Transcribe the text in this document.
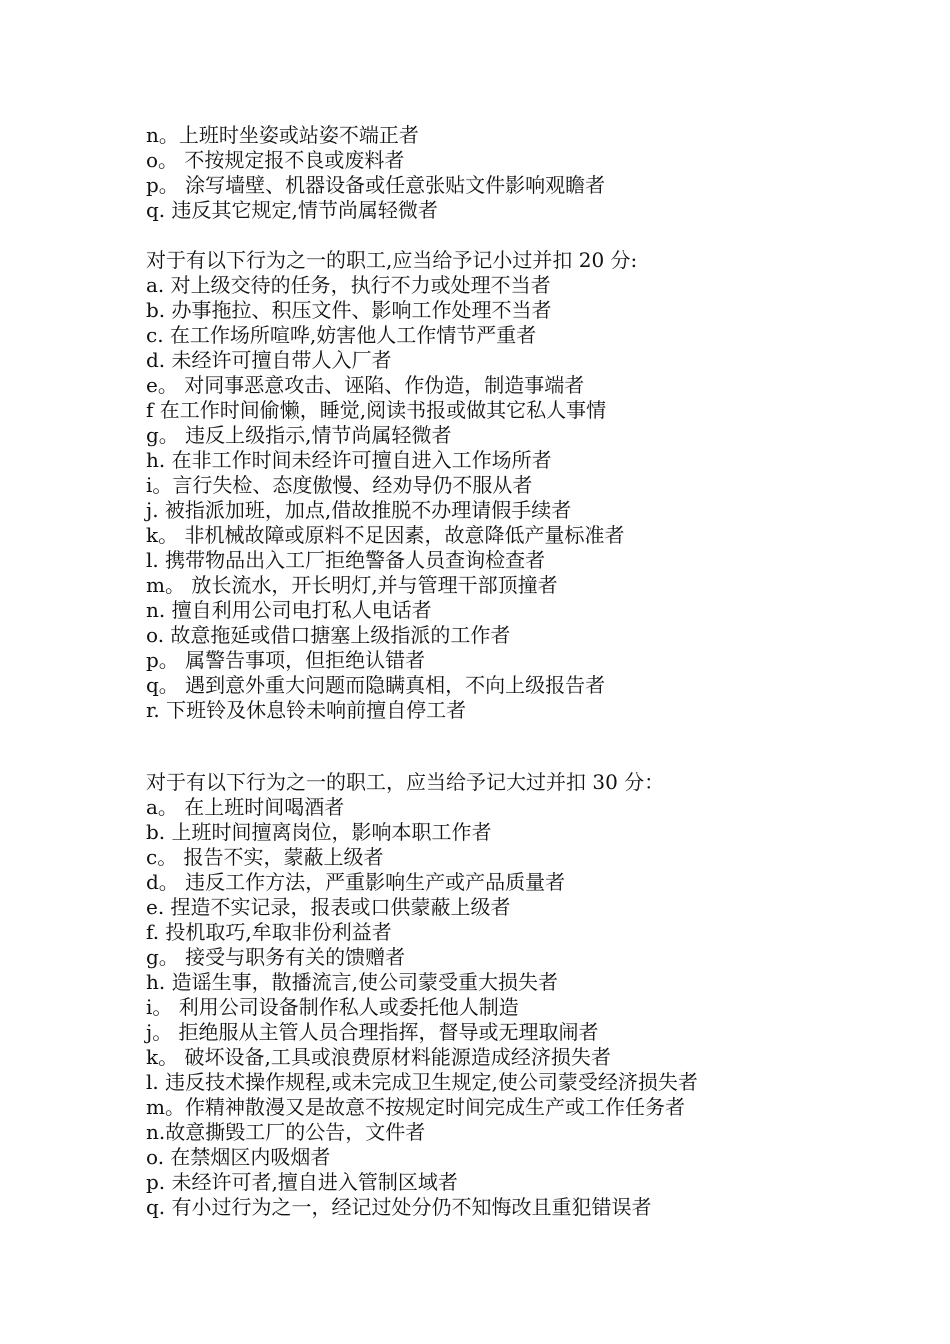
n。上班时坐姿或站姿不端正者
o。 不按规定报不良或废料者
p。 涂写墙壁、机器设备或任意张贴文件影响观瞻者
q. 违反其它规定,情节尚属轻微者
对于有以下行为之一的职工,应当给予记小过并扣 20 分:
a. 对上级交待的任务，执行不力或处理不当者
b. 办事拖拉、积压文件、影响工作处理不当者
c. 在工作场所喧哗,妨害他人工作情节严重者
d. 未经许可擅自带人入厂者
e。 对同事恶意攻击、诬陷、作伪造，制造事端者
f 在工作时间偷懒，睡觉,阅读书报或做其它私人事情
g。 违反上级指示,情节尚属轻微者
h. 在非工作时间未经许可擅自进入工作场所者
i。言行失检、态度傲慢、经劝导仍不服从者
j. 被指派加班，加点,借故推脱不办理请假手续者
k。 非机械故障或原料不足因素，故意降低产量标准者
l. 携带物品出入工厂拒绝警备人员查询检查者
m。 放长流水，开长明灯,并与管理干部顶撞者
n. 擅自利用公司电打私人电话者
o. 故意拖延或借口搪塞上级指派的工作者
p。 属警告事项，但拒绝认错者
q。 遇到意外重大问题而隐瞒真相，不向上级报告者
r. 下班铃及休息铃未响前擅自停工者
对于有以下行为之一的职工，应当给予记大过并扣 30 分：
a。 在上班时间喝酒者
b. 上班时间擅离岗位，影响本职工作者
c。 报告不实，蒙蔽上级者
d。 违反工作方法，严重影响生产或产品质量者
e. 捏造不实记录，报表或口供蒙蔽上级者
f. 投机取巧,牟取非份利益者
g。 接受与职务有关的馈赠者
h. 造谣生事，散播流言,使公司蒙受重大损失者
i。 利用公司设备制作私人或委托他人制造
j。 拒绝服从主管人员合理指挥，督导或无理取闹者
k。 破坏设备,工具或浪费原材料能源造成经济损失者
l. 违反技术操作规程,或未完成卫生规定,使公司蒙受经济损失者
m。作精神散漫又是故意不按规定时间完成生产或工作任务者
n.故意撕毁工厂的公告，文件者
o. 在禁烟区内吸烟者
p. 未经许可者,擅自进入管制区域者
q. 有小过行为之一，经记过处分仍不知悔改且重犯错误者
